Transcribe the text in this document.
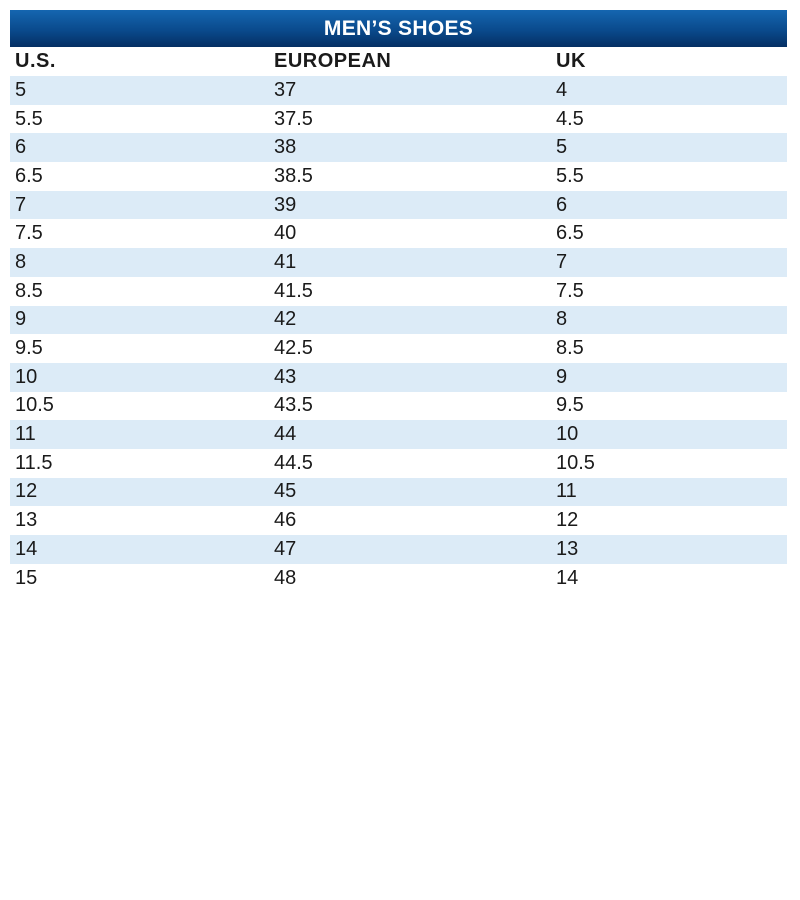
MEN’S SHOES
U.S.	EUROPEAN	UK
5	37	4
5.5	37.5	4.5
6	38	5
6.5	38.5	5.5
7	39	6
7.5	40	6.5
8	41	7
8.5	41.5	7.5
9	42	8
9.5	42.5	8.5
10	43	9
10.5	43.5	9.5
11	44	10
11.5	44.5	10.5
12	45	11
13	46	12
14	47	13
15	48	14
